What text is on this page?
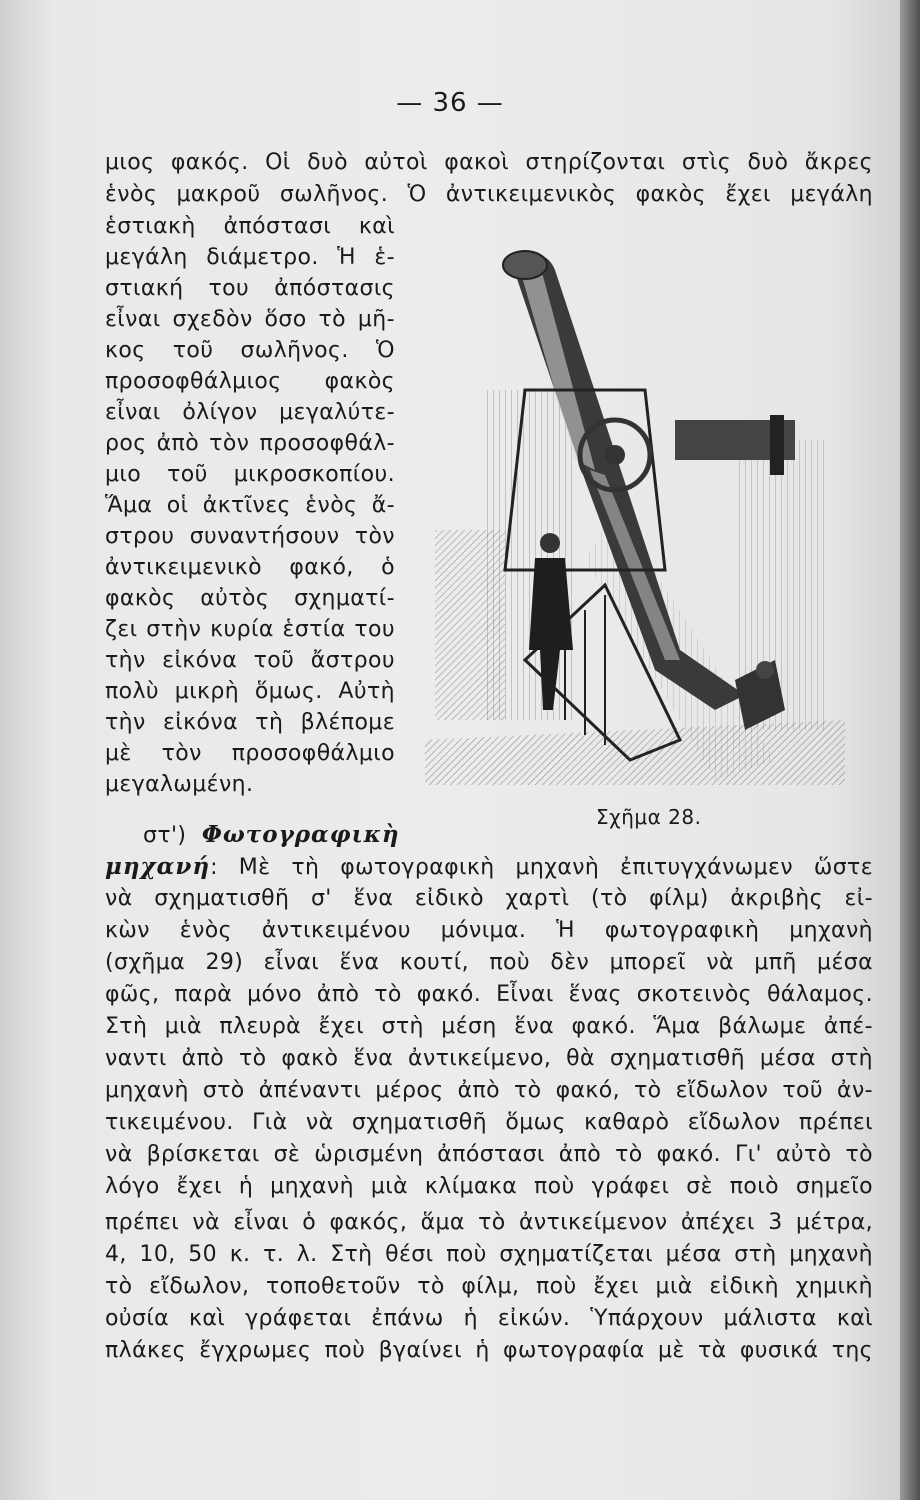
— 36 —
μιος φακός. Οἱ δυὸ αὐτοὶ φακοὶ στηρίζονται στὶς δυὸ ἄκρες
ἑνὸς μακροῦ σωλῆνος. Ὁ ἀντικειμενικὸς φακὸς ἔχει μεγάλη
ἑστιακὴ ἀπόστασι καὶ
μεγάλη διάμετρο. Ἡ ἑ-
στιακή του ἀπόστασις
εἶναι σχεδὸν ὅσο τὸ μῆ-
κος τοῦ σωλῆνος. Ὁ
προσοφθάλμιος φακὸς
εἶναι ὀλίγον μεγαλύτε-
ρος ἀπὸ τὸν προσοφθάλ-
μιο τοῦ μικροσκοπίου.
Ἅμα οἱ ἀκτῖνες ἑνὸς ἄ-
στρου συναντήσουν τὸν
ἀντικειμενικὸ φακό, ὁ
φακὸς αὐτὸς σχηματί-
ζει στὴν κυρία ἑστία του
τὴν εἰκόνα τοῦ ἄστρου
πολὺ μικρὴ ὅμως. Αὐτὴ
τὴν εἰκόνα τὴ βλέπομε
μὲ τὸν προσοφθάλμιο
μεγαλωμένη.
Σχῆμα 28.
στ') Φωτογραφικὴ
μηχανή: Μὲ τὴ φωτογραφικὴ μηχανὴ ἐπιτυγχάνωμεν ὥστε
νὰ σχηματισθῆ σ' ἕνα εἰδικὸ χαρτὶ (τὸ φίλμ) ἀκριβὴς εἰ-
κὼν ἑνὸς ἀντικειμένου μόνιμα. Ἡ φωτογραφικὴ μηχανὴ
(σχῆμα 29) εἶναι ἕνα κουτί, ποὺ δὲν μπορεῖ νὰ μπῆ μέσα
φῶς, παρὰ μόνο ἀπὸ τὸ φακό. Εἶναι ἕνας σκοτεινὸς θάλαμος.
Στὴ μιὰ πλευρὰ ἔχει στὴ μέση ἕνα φακό. Ἅμα βάλωμε ἀπέ-
ναντι ἀπὸ τὸ φακὸ ἕνα ἀντικείμενο, θὰ σχηματισθῆ μέσα στὴ
μηχανὴ στὸ ἀπέναντι μέρος ἀπὸ τὸ φακό, τὸ εἴδωλον τοῦ ἀν-
τικειμένου. Γιὰ νὰ σχηματισθῆ ὅμως καθαρὸ εἴδωλον πρέπει
νὰ βρίσκεται σὲ ὡρισμένη ἀπόστασι ἀπὸ τὸ φακό. Γι' αὐτὸ τὸ
λόγο ἔχει ἡ μηχανὴ μιὰ κλίμακα ποὺ γράφει σὲ ποιὸ σημεῖο
πρέπει νὰ εἶναι ὁ φακός, ἅμα τὸ ἀντικείμενον ἀπέχει 3 μέτρα,
4, 10, 50 κ. τ. λ. Στὴ θέσι ποὺ σχηματίζεται μέσα στὴ μηχανὴ
τὸ εἴδωλον, τοποθετοῦν τὸ φίλμ, ποὺ ἔχει μιὰ εἰδικὴ χημικὴ
οὐσία καὶ γράφεται ἐπάνω ἡ εἰκών. Ὑπάρχουν μάλιστα καὶ
πλάκες ἔγχρωμες ποὺ βγαίνει ἡ φωτογραφία μὲ τὰ φυσικά της
